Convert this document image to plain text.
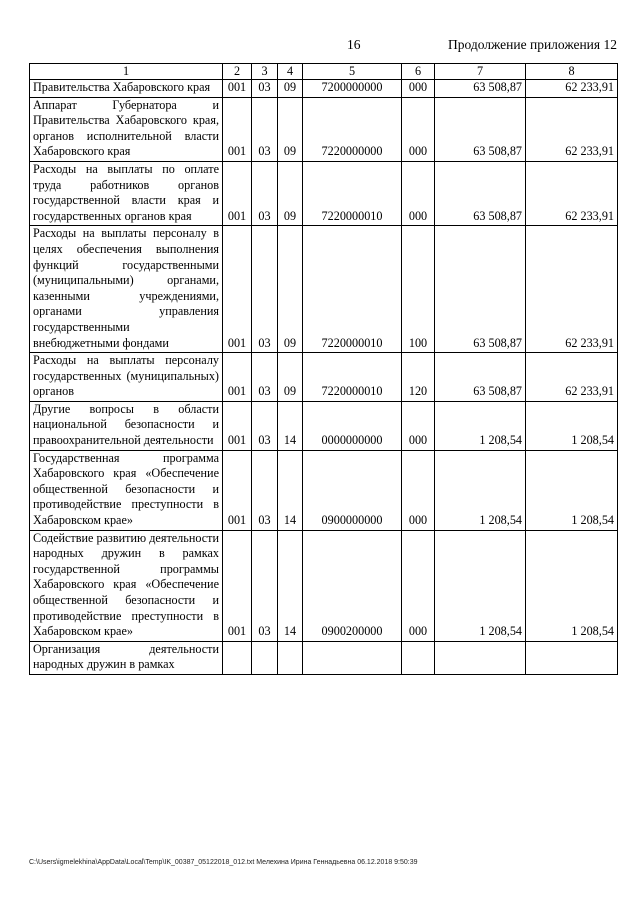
16	Продолжение приложения 12
1	2	3	4	5	6	7	8
Правительства Хабаровского края	001	03	09	7200000000	000	63 508,87	62 233,91
Аппарат Губернатора и Правительства Хабаровского края, органов исполнительной власти Хабаровского края	001	03	09	7220000000	000	63 508,87	62 233,91
Расходы на выплаты по оплате труда работников органов государственной власти края и государственных органов края	001	03	09	7220000010	000	63 508,87	62 233,91
Расходы на выплаты персоналу в целях обеспечения выполнения функций государственными (муниципальными) органами, казенными учреждениями, органами управления государственными внебюджетными фондами	001	03	09	7220000010	100	63 508,87	62 233,91
Расходы на выплаты персоналу государственных (муниципальных) органов	001	03	09	7220000010	120	63 508,87	62 233,91
Другие вопросы в области национальной безопасности и правоохранительной деятельности	001	03	14	0000000000	000	1 208,54	1 208,54
Государственная программа Хабаровского края «Обеспечение общественной безопасности и противодействие преступности в Хабаровском крае»	001	03	14	0900000000	000	1 208,54	1 208,54
Содействие развитию деятельности народных дружин в рамках государственной программы Хабаровского края «Обеспечение общественной безопасности и противодействие преступности в Хабаровском крае»	001	03	14	0900200000	000	1 208,54	1 208,54
Организация деятельности народных дружин в рамках							
C:\Users\igmelekhina\AppData\Local\Temp\IK_00387_05122018_012.txt Мелехина Ирина Геннадьевна 06.12.2018 9:50:39
